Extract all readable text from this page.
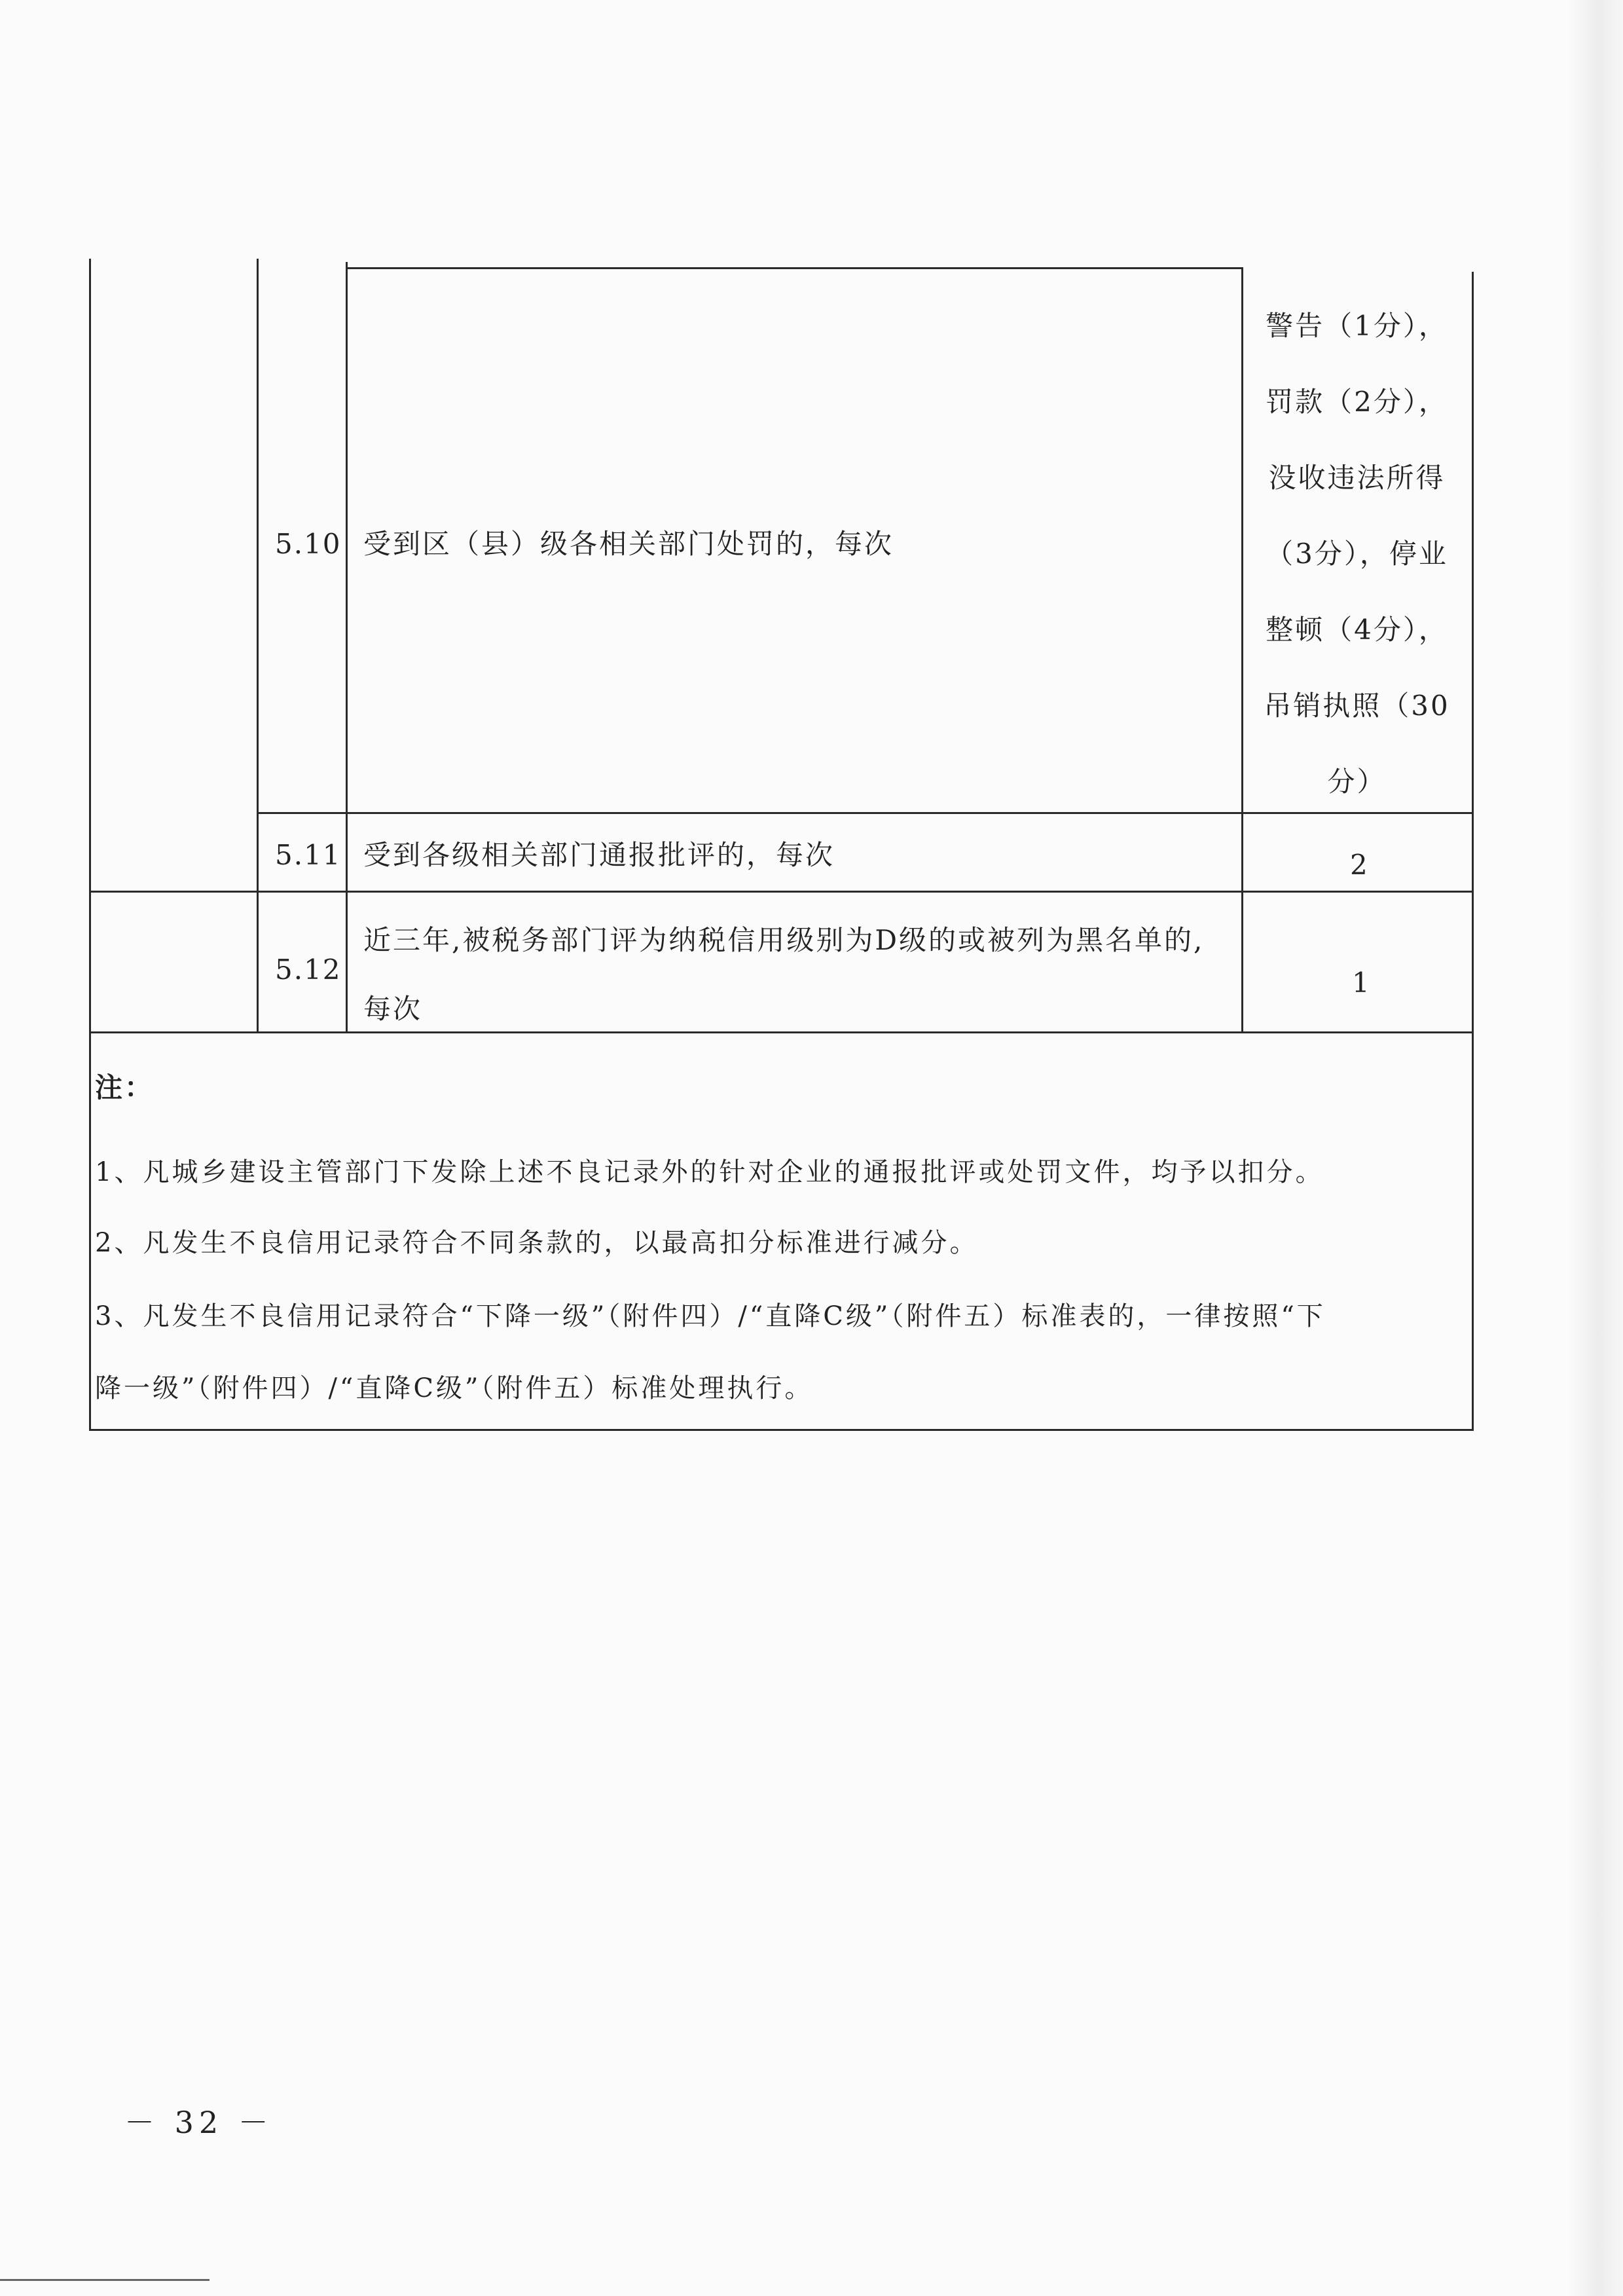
5.10 受到区（县）级各相关部门处罚的，每次
警告（1分），
罚款（2分），
没收违法所得
（3分），停业
整顿（4分），
吊销执照（30
分）
5.11 受到各级相关部门通报批评的，每次	2
5.12
近三年,被税务部门评为纳税信用级别为D级的或被列为黑名单的,
每次
1
注：
1、凡城乡建设主管部门下发除上述不良记录外的针对企业的通报批评或处罚文件，均予以扣分。
2、凡发生不良信用记录符合不同条款的，以最高扣分标准进行减分。
3、凡发生不良信用记录符合“下降一级”（附件四）/“直降C级”（附件五）标准表的，一律按照“下
降一级”（附件四）/“直降C级”（附件五）标准处理执行。
－ 32 －
